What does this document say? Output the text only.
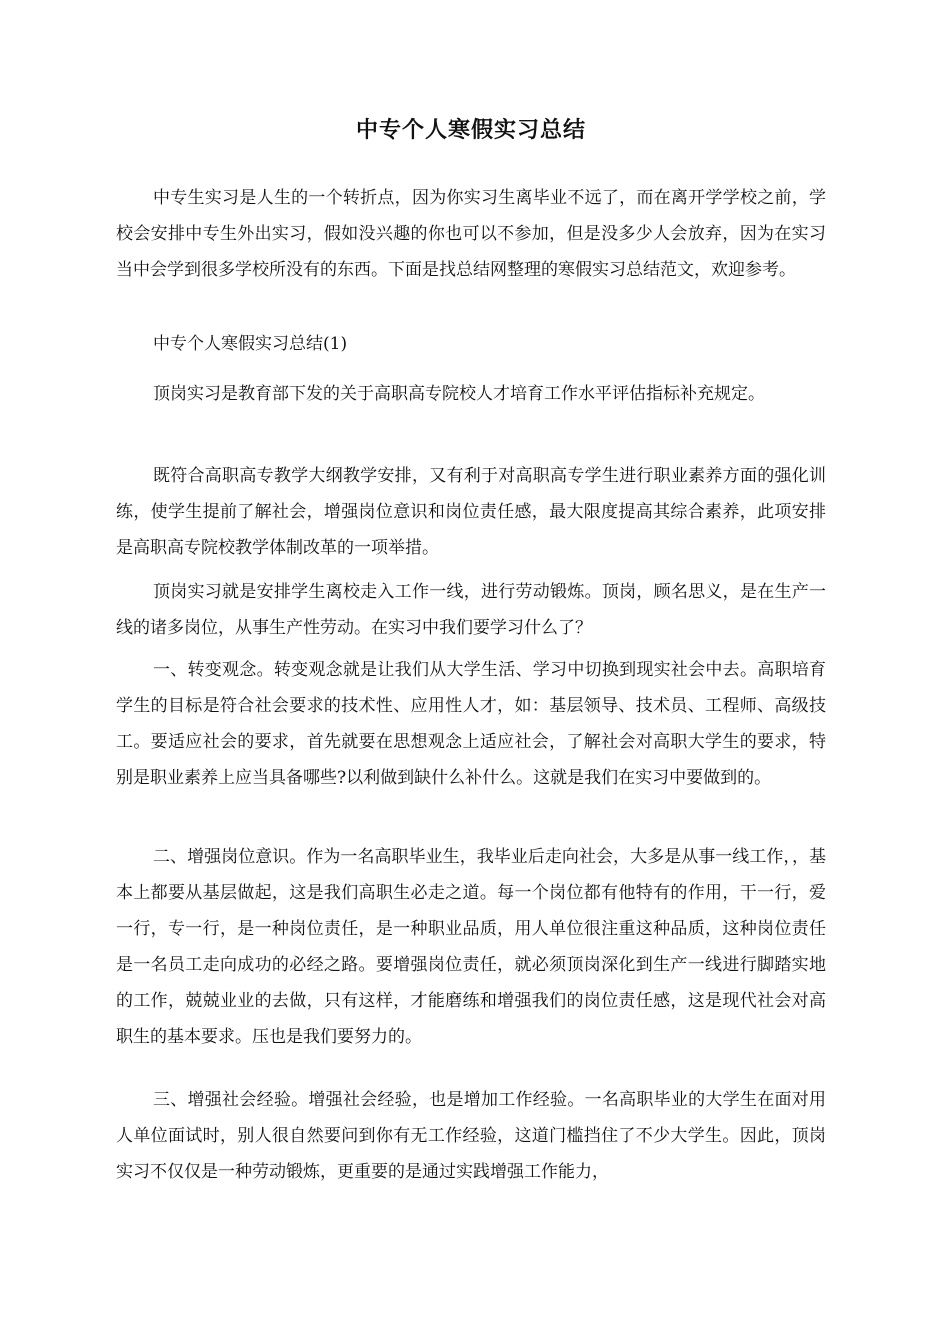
中专个人寒假实习总结

中专生实习是人生的一个转折点，因为你实习生离毕业不远了，而在离开学学校之前，学校会安排中专生外出实习，假如没兴趣的你也可以不参加，但是没多少人会放弃，因为在实习当中会学到很多学校所没有的东西。下面是找总结网整理的寒假实习总结范文，欢迎参考。

中专个人寒假实习总结(1)

顶岗实习是教育部下发的关于高职高专院校人才培育工作水平评估指标补充规定。

既符合高职高专教学大纲教学安排，又有利于对高职高专学生进行职业素养方面的强化训练，使学生提前了解社会，增强岗位意识和岗位责任感，最大限度提高其综合素养，此项安排是高职高专院校教学体制改革的一项举措。

顶岗实习就是安排学生离校走入工作一线，进行劳动锻炼。顶岗，顾名思义，是在生产一线的诸多岗位，从事生产性劳动。在实习中我们要学习什么了？

一、转变观念。转变观念就是让我们从大学生活、学习中切换到现实社会中去。高职培育学生的目标是符合社会要求的技术性、应用性人才，如：基层领导、技术员、工程师、高级技工。要适应社会的要求，首先就要在思想观念上适应社会，了解社会对高职大学生的要求，特别是职业素养上应当具备哪些?以利做到缺什么补什么。这就是我们在实习中要做到的。

二、增强岗位意识。作为一名高职毕业生，我毕业后走向社会，大多是从事一线工作，，基本上都要从基层做起，这是我们高职生必走之道。每一个岗位都有他特有的作用，干一行，爱一行，专一行，是一种岗位责任，是一种职业品质，用人单位很注重这种品质，这种岗位责任是一名员工走向成功的必经之路。要增强岗位责任，就必须顶岗深化到生产一线进行脚踏实地的工作，兢兢业业的去做，只有这样，才能磨练和增强我们的岗位责任感，这是现代社会对高职生的基本要求。压也是我们要努力的。

三、增强社会经验。增强社会经验，也是增加工作经验。一名高职毕业的大学生在面对用人单位面试时，别人很自然要问到你有无工作经验，这道门槛挡住了不少大学生。因此，顶岗实习不仅仅是一种劳动锻炼，更重要的是通过实践增强工作能力，
